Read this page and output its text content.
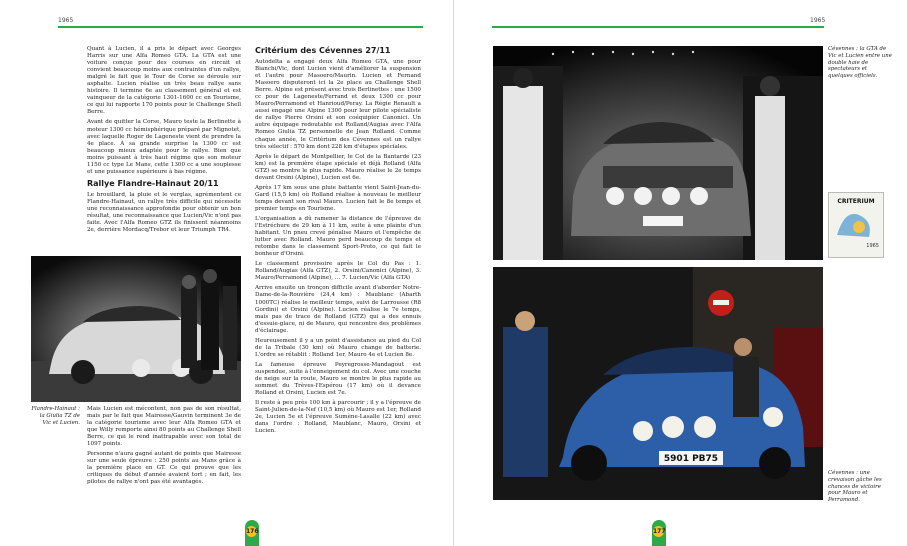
1965

Quant à Lucien, il a pris le départ avec Georges Harris sur une Alfa Romeo GTA. La GTA est une voiture conçue pour des courses en circuit et convient beaucoup moins aux contraintes d'un rallye, malgré le fait que le Tour de Corse se déroule sur asphalte. Lucien réalise un très beau rallye sans histoire. Il termine 6e au classement général et est vainqueur de la catégorie 1301-1600 cc en Tourisme, ce qui lui rapporte 170 points pour le Challenge Shell Berre.

Avant de quitter la Corse, Mauro teste la Berlinette à moteur 1300 cc hémisphérique préparé par Mignotet, avec laquelle Roger de Lageneste vient de prendre la 4e place. À sa grande surprise la 1300 cc est beaucoup mieux adaptée pour le rallye. Bien que moins puissant à très haut régime que son moteur 1150 cc type Le Mans, cette 1300 cc a une souplesse et une puissance supérieure à bas régime.

Rallye Flandre-Hainaut 20/11

Le brouillard, la pluie et le verglas, agrémentent ce Flandre-Hainaut, un rallye très difficile qui nécessite une reconnaissance approfondie pour obtenir un bon résultat, une reconnaissance que Lucien/Vic n'ont pas faite. Avec l'Alfa Romeo GTZ ils finissent néanmoins 2e, derrière Mordacq/Trebor et leur Triumph TR4.

Flandre-Hainaut : la Giulia TZ de Vic et Lucien.

Mais Lucien est mécontent, non pas de son résultat, mais par le fait que Mairesse/Gauvin terminent 3e de la catégorie tourisme avec leur Alfa Romeo GTA et que Willy remporte ainsi 80 points au Challenge Shell Berre, ce qui le rend inattrapable avec son total de 1097 points.

Personne n'aura gagné autant de points que Mairesse sur une seule épreuve : 250 points au Mans grâce à la première place en GT. Ce qui prouve que les critiques du début d'année avaient tort ; en fait, les pilotes de rallye n'ont pas été avantagés.

Critérium des Cévennes 27/11

Autodelta a engagé deux Alfa Romeo GTA, une pour Bianchi/Vic, dont Lucien vient d'améliorer la suspension et l'autre pour Masoero/Maurin. Lucien et Fernand Masoero disputeront ici la 2e place au Challenge Shell Berre. Alpine est présent avec trois Berlinettes : une 1500 cc pour de Lageneste/Ferrand et deux 1300 cc pour Mauro/Perramond et Hanrioud/Peray. La Régie Renault a aussi engagé une Alpine 1300 pour leur pilote spécialiste de rallye Pierre Orsini et son coéquipier Canonici. Un autre équipage redoutable est Rolland/Augias avec l'Alfa Romeo Giulia TZ personnelle de Jean Rolland. Comme chaque année, le Critérium des Cévennes est un rallye très sélectif : 570 km dont 228 km d'étapes spéciales.

Après le départ de Montpellier, le Col de la Bantarde (23 km) est la première étape spéciale et déjà Rolland (Alfa GTZ) se montre le plus rapide. Mauro réalise le 2e temps devant Orsini (Alpine), Lucien est 6e.

Après 17 km sous une pluie battante vient Saint-Jean-du-Gard (15,5 km) où Rolland réalise à nouveau le meilleur temps devant son rival Mauro. Lucien fait le 8e temps et premier temps en Tourisme.

L'organisation a dû ramener la distance de l'épreuve de l'Estréchure de 29 km à 11 km, suite à une plainte d'un habitant. Un pneu crevé pénalise Mauro et l'empêche de lutter avec Rolland. Mauro perd beaucoup de temps et retombe dans le classement Sport-Proto, ce qui fait le bonheur d'Orsini.

Le classement provisoire après le Col du Pas : 1. Rolland/Augias (Alfa GTZ), 2. Orsini/Canonici (Alpine), 3. Mauro/Perramond (Alpine), … 7. Lucien/Vic (Alfa GTA)

Arrive ensuite un tronçon difficile avant d'aborder Notre-Dame-de-la-Rouvière (24,4 km) : Maublanc (Abarth 1000TC) réalise le meilleur temps, suivi de Larrousse (R8 Gordini) et Orsini (Alpine). Lucien réalise le 7e temps, mais pas de trace de Rolland (GTZ) qui a des ennuis d'essuie-glace, ni de Mauro, qui rencontre des problèmes d'éclairage.

Heureusement il y a un point d'assistance au pied du Col de la Tribale (30 km) où Mauro change de batterie. L'ordre se rétablit : Rolland 1er, Mauro 4e et Lucien 8e.

La fameuse épreuve Peyregrosse-Mandagout est suspendue, suite à l'enneigement du col. Avec une couche de neige sur la route, Mauro se montre le plus rapide au sommet du Trèves-l'Espérou (17 km) où il devance Rolland et Orsini, Lucien est 7e.

Il reste à peu près 100 km à parcourir ; il y a l'épreuve de Saint-Julien-de-la-Nef (10,5 km) où Mauro est 1er, Rolland 2e, Lucien 5e et l'épreuve Sumène-Lasalle (22 km) avec dans l'ordre : Rolland, Maublanc, Mauro, Orsini et Lucien.

176
1965
Cévennes : la GTA de Vic et Lucien entre une double haie de spectateurs et quelques officiels.
CRITERIUM
1965
5901 PB75
Cévennes : une crevaison gâche les chances de victoire pour Mauro et Perramond.
177
